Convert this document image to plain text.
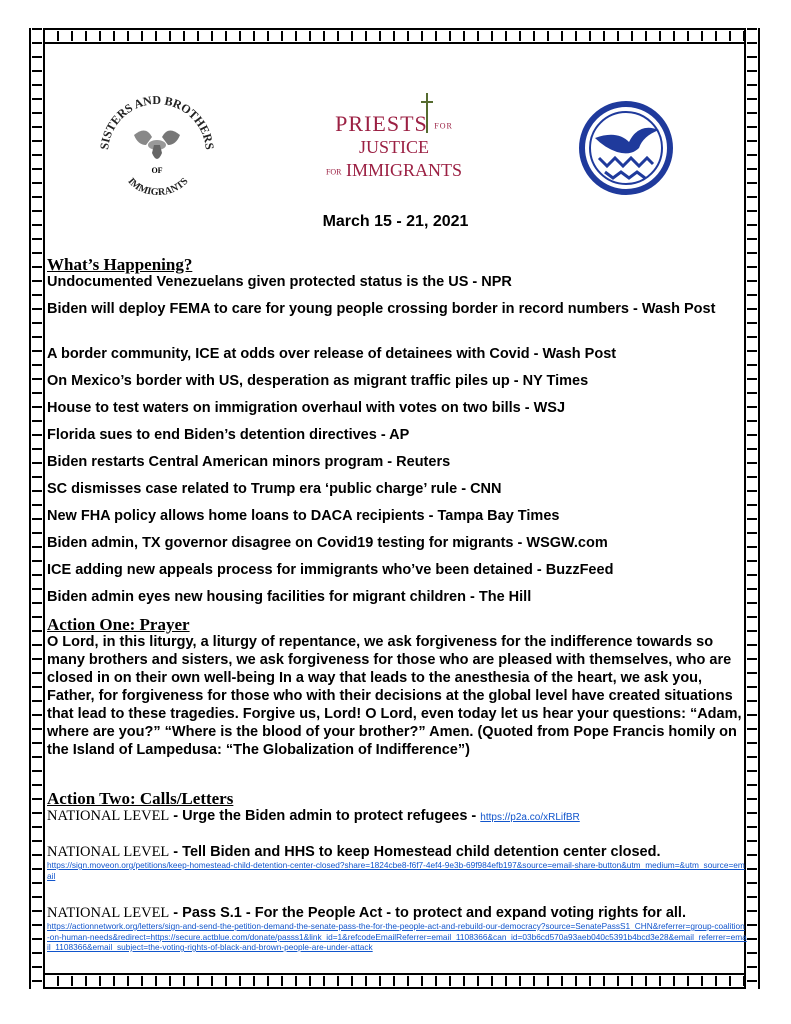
SISTERS AND BROTHERS
IMMIGRANTS
OF
PRIESTS FOR
JUSTICE
FOR IMMIGRANTS
March 15 - 21, 2021
What’s Happening?
Undocumented Venezuelans given protected status is the US - NPR
Biden will deploy FEMA to care for young people crossing border in record numbers - Wash Post
A border community, ICE at odds over release of detainees with Covid - Wash Post
On Mexico’s border with US, desperation as migrant traffic piles up - NY Times
House to test waters on immigration overhaul with votes on two bills - WSJ
Florida sues to end Biden’s detention directives - AP
Biden restarts Central American minors program - Reuters
SC dismisses case related to Trump era ‘public charge’ rule - CNN
New FHA policy allows home loans to DACA recipients - Tampa Bay Times
Biden admin, TX governor disagree on Covid19 testing for migrants - WSGW.com
ICE adding new appeals process for immigrants who’ve been detained - BuzzFeed
Biden admin eyes new housing facilities for migrant children - The Hill
Action One: Prayer
O Lord, in this liturgy, a liturgy of repentance, we ask forgiveness for the indifference towards so many brothers and sisters, we ask forgiveness for those who are pleased with themselves, who are closed in on their own well-being In a way that leads to the anesthesia of the heart, we ask you, Father, for forgiveness for those who with their decisions at the global level have created situations that lead to these tragedies. Forgive us, Lord! O Lord, even today let us hear your questions: “Adam, where are you?” “Where is the blood of your brother?” Amen. (Quoted from Pope Francis homily on the Island of Lampedusa: “The Globalization of Indifference”)
Action Two: Calls/Letters
NATIONAL LEVEL - Urge the Biden admin to protect refugees - https://p2a.co/xRLifBR
NATIONAL LEVEL - Tell Biden and HHS to keep Homestead child detention center closed.
https://sign.moveon.org/petitions/keep-homestead-child-detention-center-closed?share=1824cbe8-f6f7-4ef4-9e3b-69f984efb197&source=email-share-button&utm_medium=&utm_source=email
NATIONAL LEVEL - Pass S.1 - For the People Act - to protect and expand voting rights for all.
https://actionnetwork.org/letters/sign-and-send-the-petition-demand-the-senate-pass-the-for-the-people-act-and-rebuild-our-democracy?source=SenatePassS1_CHN&referrer=group-coalition-on-human-needs&redirect=https://secure.actblue.com/donate/passs1&link_id=1&refcodeEmailReferrer=email_1108366&can_id=03b6cd570a93aeb040c5391b4bcd3e28&email_referrer=email_1108366&email_subject=the-voting-rights-of-black-and-brown-people-are-under-attack
